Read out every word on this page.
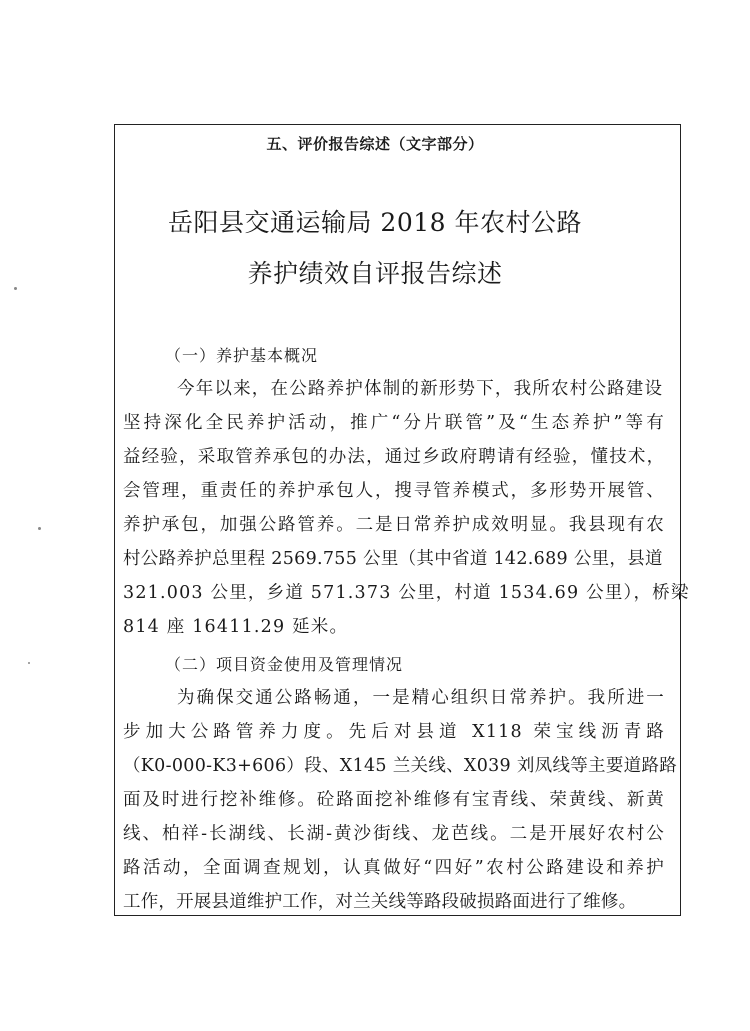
五、评价报告综述（文字部分）
岳阳县交通运输局 2018 年农村公路
养护绩效自评报告综述
（一）养护基本概况
今年以来，在公路养护体制的新形势下，我所农村公路建设
坚持深化全民养护活动，推广“分片联管”及“生态养护”等有
益经验，采取管养承包的办法，通过乡政府聘请有经验，懂技术，
会管理，重责任的养护承包人，搜寻管养模式，多形势开展管、
养护承包，加强公路管养。二是日常养护成效明显。我县现有农
村公路养护总里程 2569.755 公里（其中省道 142.689 公里，县道
321.003 公里，乡道 571.373 公里，村道 1534.69 公里），桥梁
814 座 16411.29 延米。
（二）项目资金使用及管理情况
为确保交通公路畅通，一是精心组织日常养护。我所进一
步加大公路管养力度。先后对县道 X118 荣宝线沥青路
（K0-000-K3+606）段、X145 兰关线、X039 刘凤线等主要道路路
面及时进行挖补维修。砼路面挖补维修有宝青线、荣黄线、新黄
线、柏祥-长湖线、长湖-黄沙街线、龙芭线。二是开展好农村公
路活动，全面调查规划，认真做好“四好”农村公路建设和养护
工作，开展县道维护工作，对兰关线等路段破损路面进行了维修。
